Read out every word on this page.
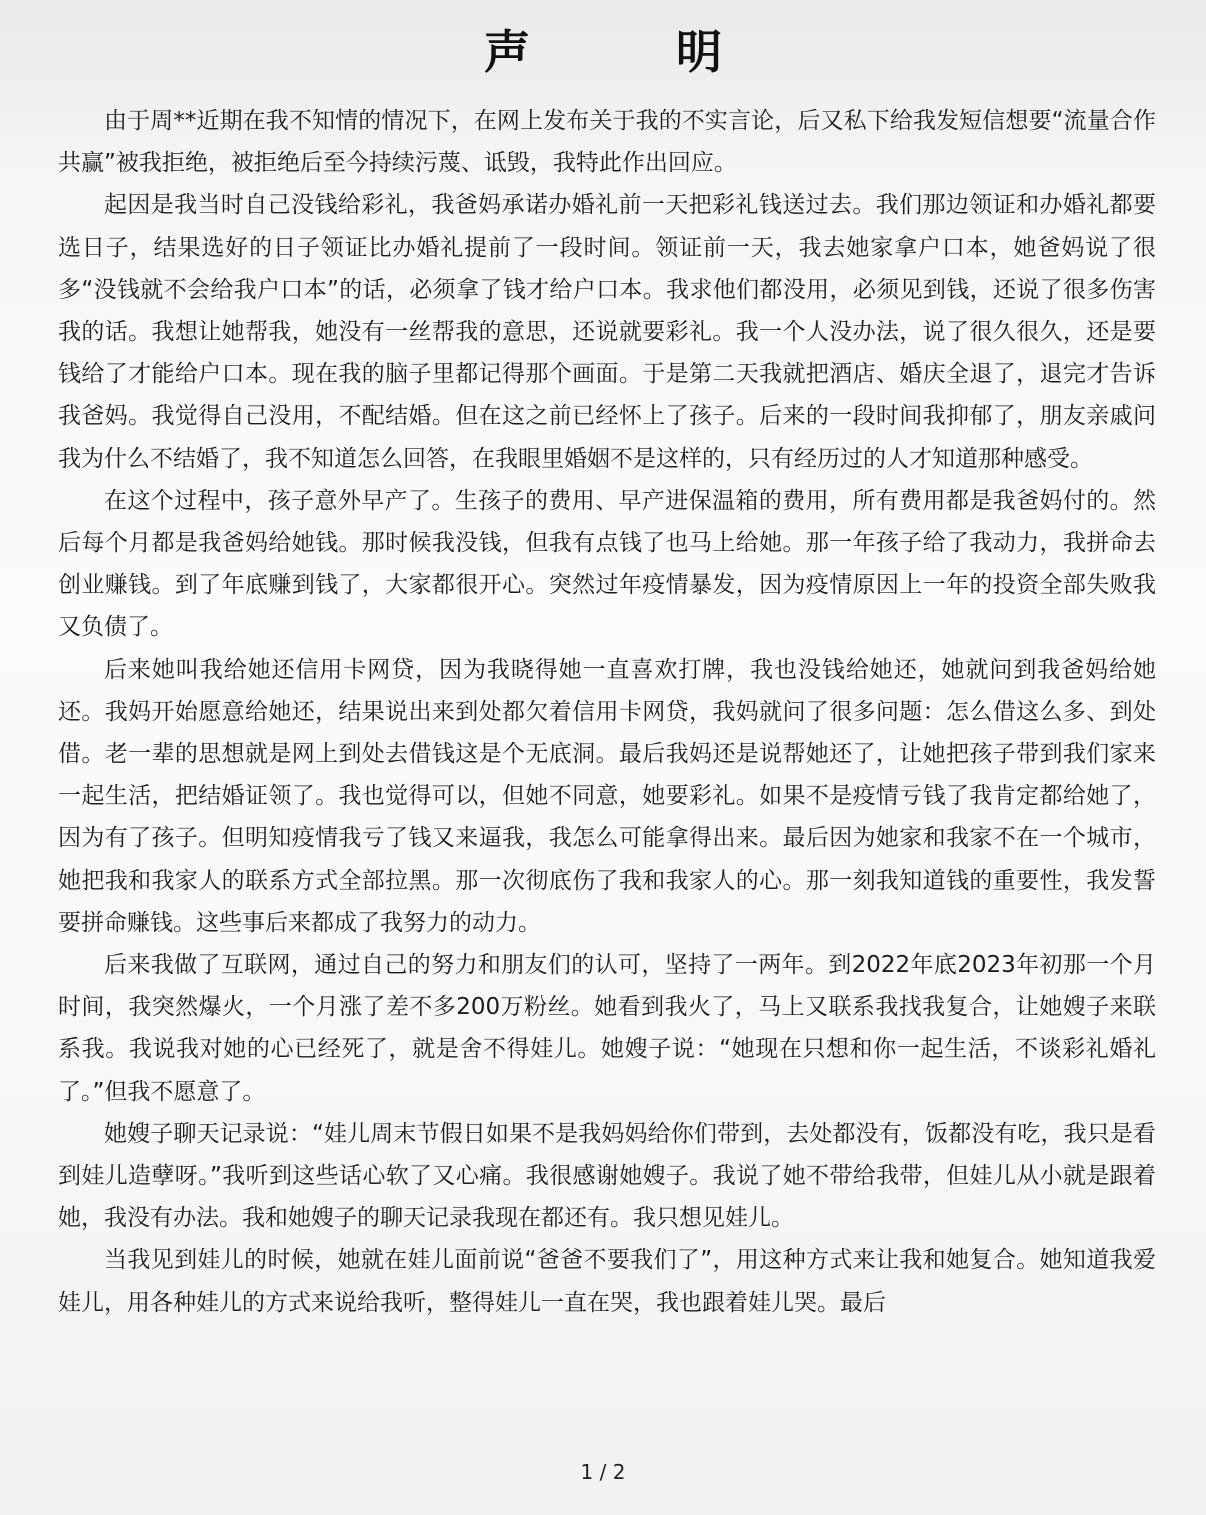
声　明

由于周**近期在我不知情的情况下，在网上发布关于我的不实言论，后又私下给我发短信想要“流量合作共赢”被我拒绝，被拒绝后至今持续污蔑、诋毁，我特此作出回应。

起因是我当时自己没钱给彩礼，我爸妈承诺办婚礼前一天把彩礼钱送过去。我们那边领证和办婚礼都要选日子，结果选好的日子领证比办婚礼提前了一段时间。领证前一天，我去她家拿户口本，她爸妈说了很多“没钱就不会给我户口本”的话，必须拿了钱才给户口本。我求他们都没用，必须见到钱，还说了很多伤害我的话。我想让她帮我，她没有一丝帮我的意思，还说就要彩礼。我一个人没办法，说了很久很久，还是要钱给了才能给户口本。现在我的脑子里都记得那个画面。于是第二天我就把酒店、婚庆全退了，退完才告诉我爸妈。我觉得自己没用，不配结婚。但在这之前已经怀上了孩子。后来的一段时间我抑郁了，朋友亲戚问我为什么不结婚了，我不知道怎么回答，在我眼里婚姻不是这样的，只有经历过的人才知道那种感受。

在这个过程中，孩子意外早产了。生孩子的费用、早产进保温箱的费用，所有费用都是我爸妈付的。然后每个月都是我爸妈给她钱。那时候我没钱，但我有点钱了也马上给她。那一年孩子给了我动力，我拼命去创业赚钱。到了年底赚到钱了，大家都很开心。突然过年疫情暴发，因为疫情原因上一年的投资全部失败我又负债了。

后来她叫我给她还信用卡网贷，因为我晓得她一直喜欢打牌，我也没钱给她还，她就问到我爸妈给她还。我妈开始愿意给她还，结果说出来到处都欠着信用卡网贷，我妈就问了很多问题：怎么借这么多、到处借。老一辈的思想就是网上到处去借钱这是个无底洞。最后我妈还是说帮她还了，让她把孩子带到我们家来一起生活，把结婚证领了。我也觉得可以，但她不同意，她要彩礼。如果不是疫情亏钱了我肯定都给她了，因为有了孩子。但明知疫情我亏了钱又来逼我，我怎么可能拿得出来。最后因为她家和我家不在一个城市，她把我和我家人的联系方式全部拉黑。那一次彻底伤了我和我家人的心。那一刻我知道钱的重要性，我发誓要拼命赚钱。这些事后来都成了我努力的动力。

后来我做了互联网，通过自己的努力和朋友们的认可，坚持了一两年。到2022年底2023年初那一个月时间，我突然爆火，一个月涨了差不多200万粉丝。她看到我火了，马上又联系我找我复合，让她嫂子来联系我。我说我对她的心已经死了，就是舍不得娃儿。她嫂子说：“她现在只想和你一起生活，不谈彩礼婚礼了。”但我不愿意了。

她嫂子聊天记录说：“娃儿周末节假日如果不是我妈妈给你们带到，去处都没有，饭都没有吃，我只是看到娃儿造孽呀。”我听到这些话心软了又心痛。我很感谢她嫂子。我说了她不带给我带，但娃儿从小就是跟着她，我没有办法。我和她嫂子的聊天记录我现在都还有。我只想见娃儿。

当我见到娃儿的时候，她就在娃儿面前说“爸爸不要我们了”，用这种方式来让我和她复合。她知道我爱娃儿，用各种娃儿的方式来说给我听，整得娃儿一直在哭，我也跟着娃儿哭。最后

1 / 2
